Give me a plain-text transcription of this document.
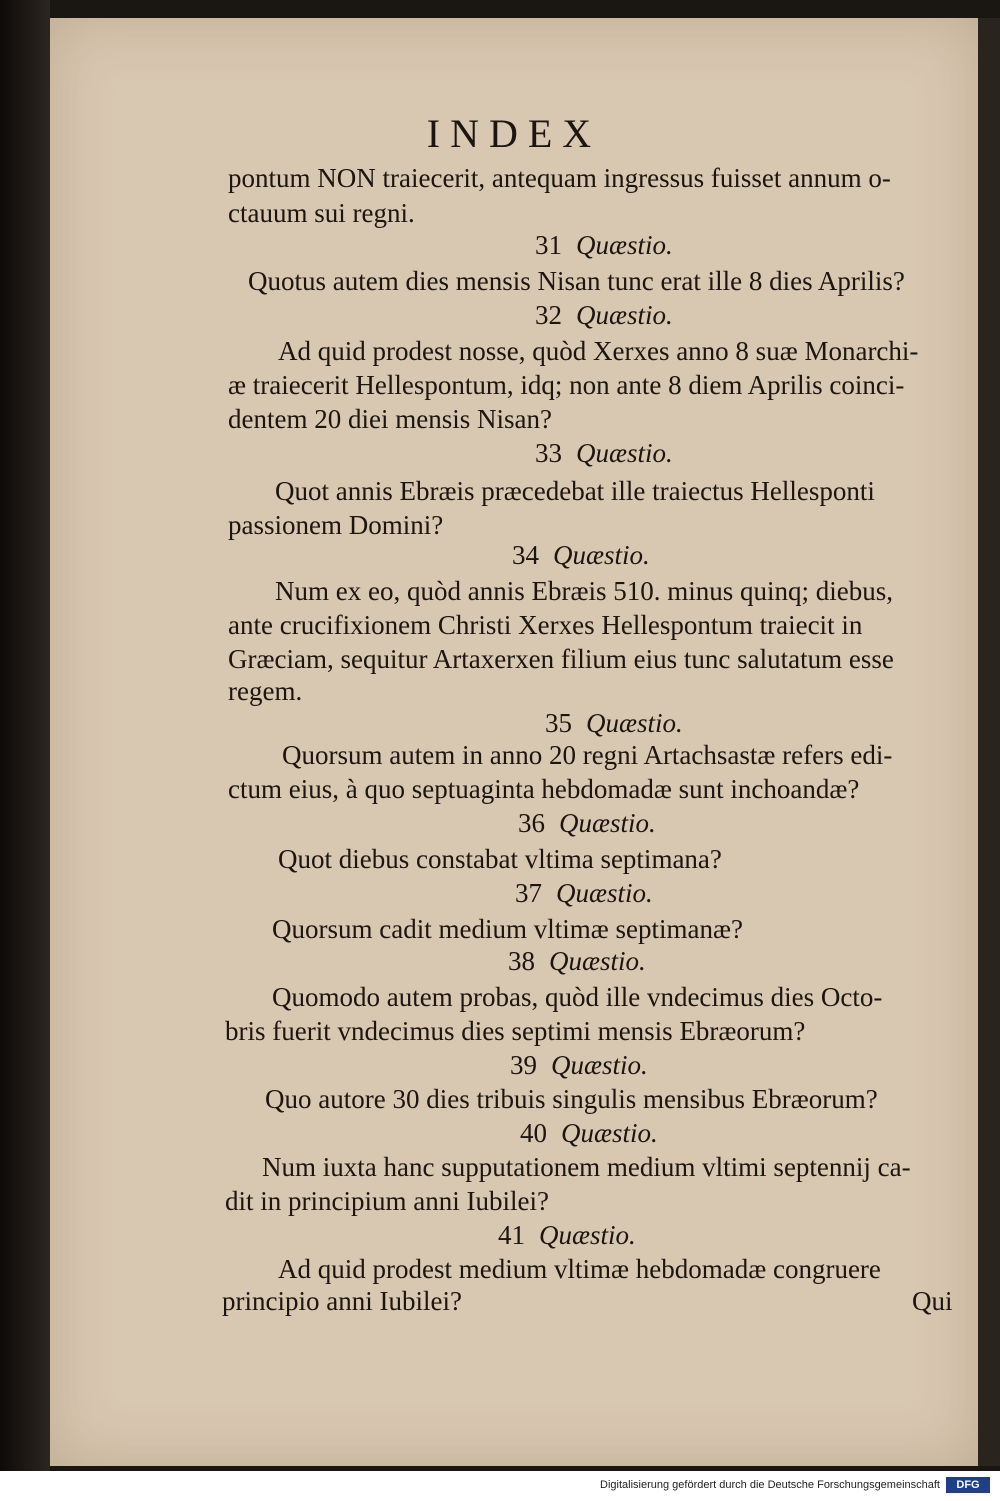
INDEX
pontum NON traiecerit, antequam ingressus fuisset annum o-
ctauum sui regni.
31 Quæstio.
Quotus autem dies mensis Nisan tunc erat ille 8 dies Aprilis?
32 Quæstio.
Ad quid prodest nosse, quòd Xerxes anno 8 suæ Monarchi-
æ traiecerit Hellespontum, idq; non ante 8 diem Aprilis coinci-
dentem 20 diei mensis Nisan?
33 Quæstio.
Quot annis Ebræis præcedebat ille traiectus Hellesponti
passionem Domini?
34 Quæstio.
Num ex eo, quòd annis Ebræis 510. minus quinq; diebus,
ante crucifixionem Christi Xerxes Hellespontum traiecit in
Græciam, sequitur Artaxerxen filium eius tunc salutatum esse
regem.
35 Quæstio.
Quorsum autem in anno 20 regni Artachsastæ refers edi-
ctum eius, à quo septuaginta hebdomadæ sunt inchoandæ?
36 Quæstio.
Quot diebus constabat vltima septimana?
37 Quæstio.
Quorsum cadit medium vltimæ septimanæ?
38 Quæstio.
Quomodo autem probas, quòd ille vndecimus dies Octo-
bris fuerit vndecimus dies septimi mensis Ebræorum?
39 Quæstio.
Quo autore 30 dies tribuis singulis mensibus Ebræorum?
40 Quæstio.
Num iuxta hanc supputationem medium vltimi septennij ca-
dit in principium anni Iubilei?
41 Quæstio.
Ad quid prodest medium vltimæ hebdomadæ congruere
principio anni Iubilei?	Qui
Digitalisierung gefördert durch die Deutsche Forschungsgemeinschaft	DFG
